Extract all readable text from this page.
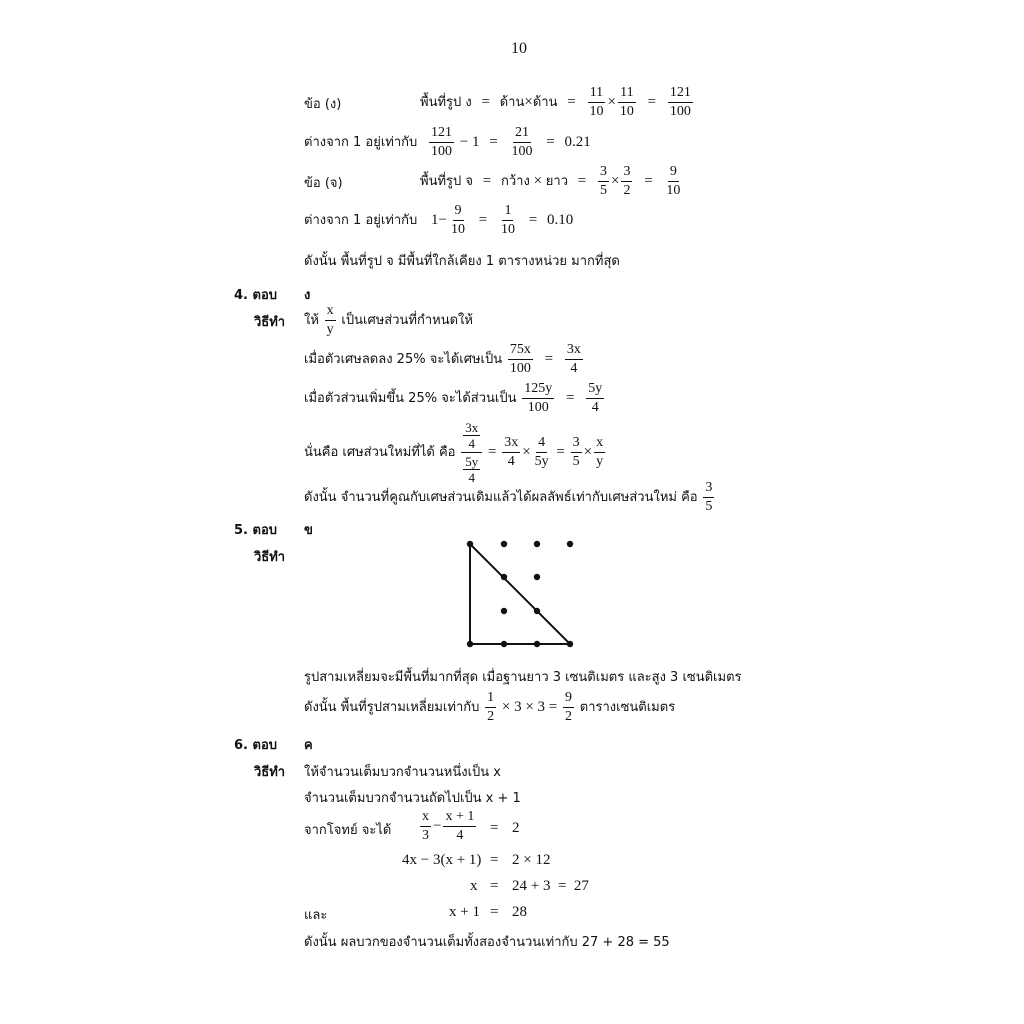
10
ข้อ (ง)	พื้นที่รูป ง = ด้าน×ด้าน = $\frac{11}{10} \times \frac{11}{10} = \frac{121}{100}$
ต่างจาก 1 อยู่เท่ากับ $\frac{121}{100} - 1 = \frac{21}{100} = 0.21$
ข้อ (จ)	พื้นที่รูป จ = กว้าง × ยาว = $\frac{3}{5} \times \frac{3}{2} = \frac{9}{10}$
ต่างจาก 1 อยู่เท่ากับ $1- \frac{9}{10} = \frac{1}{10} = 0.10$
ดังนั้น พื้นที่รูป จ มีพื้นที่ใกล้เคียง 1 ตารางหน่วย มากที่สุด
4. ตอบ ง
วิธีทำ ให้ $\frac{x}{y}$ เป็นเศษส่วนที่กำหนดให้
เมื่อตัวเศษลดลง 25% จะได้เศษเป็น $\frac{75x}{100} = \frac{3x}{4}$
เมื่อตัวส่วนเพิ่มขึ้น 25% จะได้ส่วนเป็น $\frac{125y}{100} = \frac{5y}{4}$
นั่นคือ เศษส่วนใหม่ที่ได้ คือ 3x
4
5y
$4 = \frac{3x}{4} \times \frac{4}{5y} = \frac{3}{5} \times \frac{x}{y}$
ดังนั้น จำนวนที่คูณกับเศษส่วนเดิมแล้วได้ผลลัพธ์เท่ากับเศษส่วนใหม่ คือ $\frac{3}{5}$
5. ตอบ ข
วิธีทำ
รูปสามเหลี่ยมจะมีพื้นที่มากที่สุด เมื่อฐานยาว 3 เซนติเมตร และสูง 3 เซนติเมตร
ดังนั้น พื้นที่รูปสามเหลี่ยมเท่ากับ $\frac{1}{2} \times 3 \times 3 = \frac{9}{2}$ ตารางเซนติเมตร
6. ตอบ ค
วิธีทำ ให้จำนวนเต็มบวกจำนวนหนึ่งเป็น x
จำนวนเต็มบวกจำนวนถัดไปเป็น x + 1
จากโจทย์ จะได้ $\frac{x}{3} - \frac{x + 1}{4} = 2$
4x − 3(x + 1) = 2 × 12
x = 24 + 3  =  27
และ	x + 1 = 28
ดังนั้น ผลบวกของจำนวนเต็มทั้งสองจำนวนเท่ากับ 27 + 28 = 55
